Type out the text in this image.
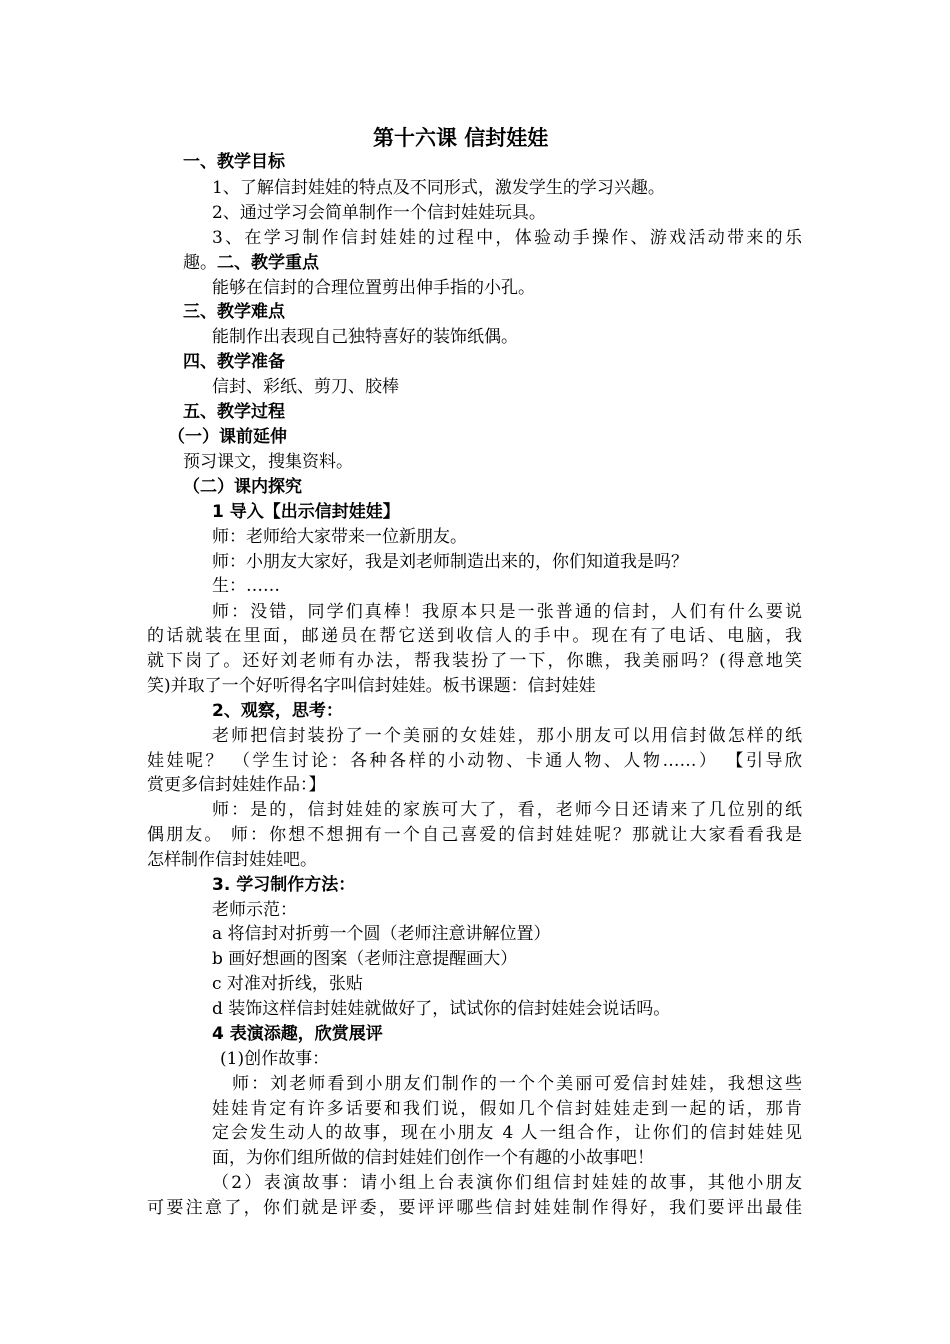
第十六课 信封娃娃
一、教学目标
1、了解信封娃娃的特点及不同形式，激发学生的学习兴趣。
2、通过学习会简单制作一个信封娃娃玩具。
3、在学习制作信封娃娃的过程中，体验动手操作、游戏活动带来的乐
趣。 二、教学重点
能够在信封的合理位置剪出伸手指的小孔。
三、教学难点
能制作出表现自己独特喜好的装饰纸偶。
四、教学准备
信封、彩纸、剪刀、胶棒
五、教学过程
（一）课前延伸
预习课文，搜集资料。
（二）课内探究
1 导入【出示信封娃娃】
师：老师给大家带来一位新朋友。
师：小朋友大家好，我是刘老师制造出来的，你们知道我是吗？
生：……
师：没错，同学们真棒！我原本只是一张普通的信封，人们有什么要说
的话就装在里面，邮递员在帮它送到收信人的手中。现在有了电话、电脑，我
就下岗了。还好刘老师有办法，帮我装扮了一下，你瞧，我美丽吗？(得意地笑
笑)并取了一个好听得名字叫信封娃娃。板书课题：信封娃娃
2、观察，思考：
老师把信封装扮了一个美丽的女娃娃，那小朋友可以用信封做怎样的纸
娃娃呢？ （学生讨论：各种各样的小动物、卡通人物、人物……） 【引导欣
赏更多信封娃娃作品：】
师：是的，信封娃娃的家族可大了，看，老师今日还请来了几位别的纸
偶朋友。 师：你想不想拥有一个自己喜爱的信封娃娃呢？那就让大家看看我是
怎样制作信封娃娃吧。
3. 学习制作方法：
老师示范：
a 将信封对折剪一个圆（老师注意讲解位置）
b 画好想画的图案（老师注意提醒画大）
c 对准对折线，张贴
d 装饰这样信封娃娃就做好了，试试你的信封娃娃会说话吗。
4 表演添趣，欣赏展评
(1)创作故事：
师：刘老师看到小朋友们制作的一个个美丽可爱信封娃娃，我想这些
娃娃肯定有许多话要和我们说，假如几个信封娃娃走到一起的话，那肯
定会发生动人的故事，现在小朋友 4 人一组合作，让你们的信封娃娃见
面，为你们组所做的信封娃娃们创作一个有趣的小故事吧！
（2）表演故事：请小组上台表演你们组信封娃娃的故事，其他小朋友
可要注意了，你们就是评委，要评评哪些信封娃娃制作得好，我们要评出最佳
